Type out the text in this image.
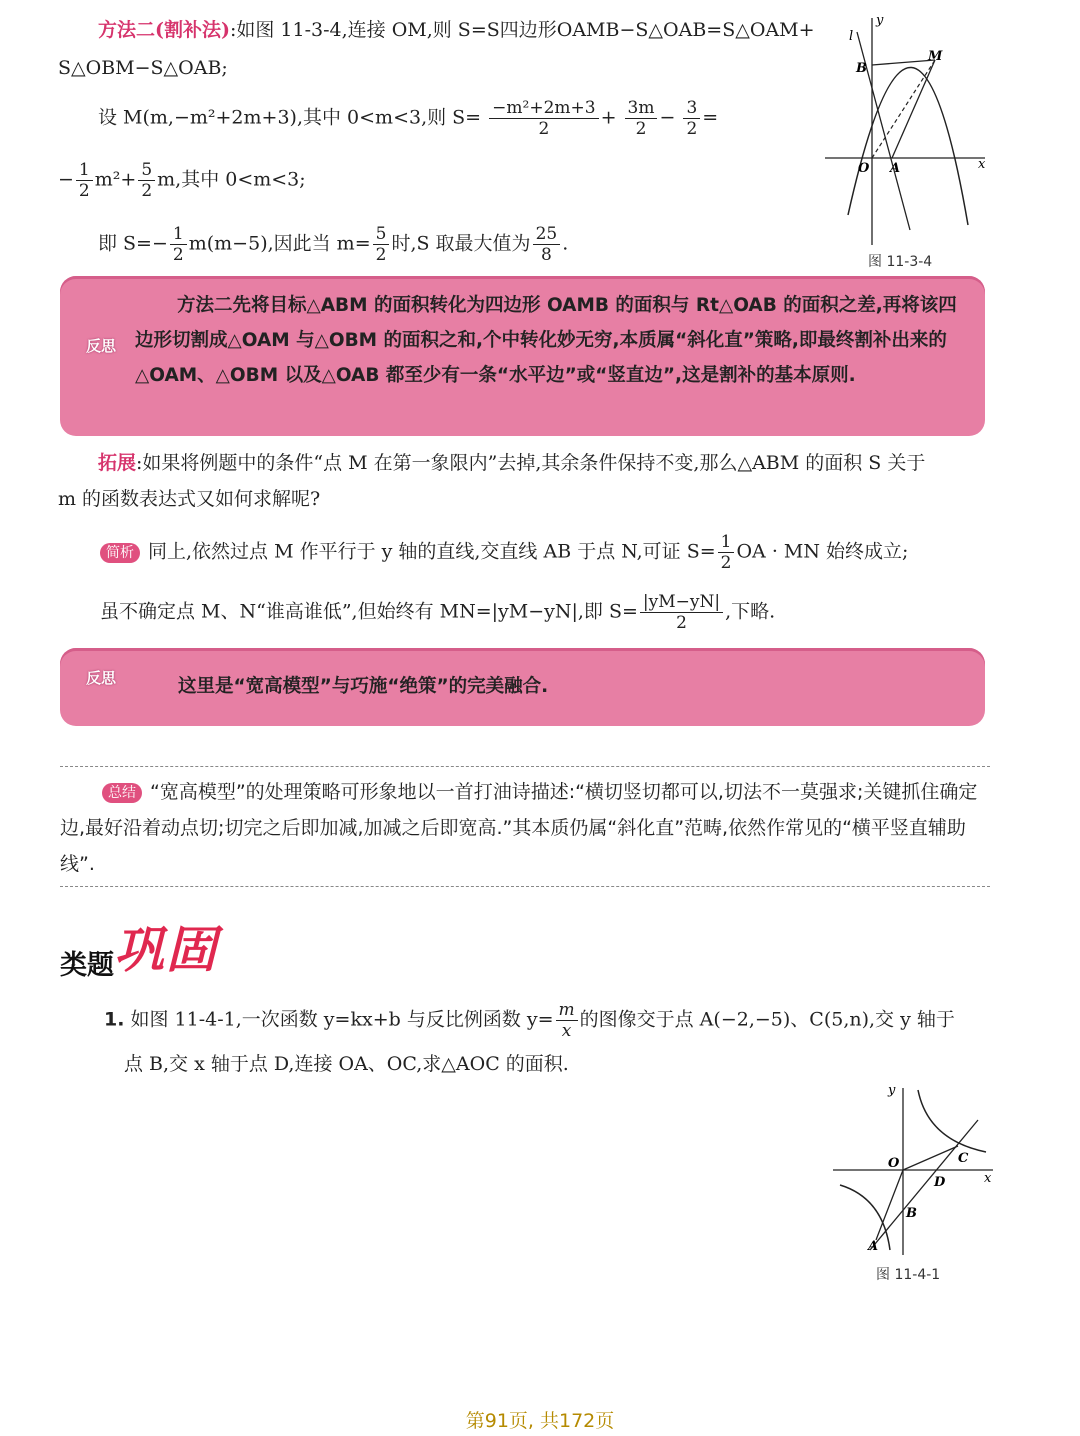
方法二(割补法):如图 11-3-4,连接 OM,则 S=S四边形OAMB−S△OAB=S△OAM+
S△OBM−S△OAB;
设 M(m,−m²+2m+3),其中 0<m<3,则 $S= \frac{\text{−m²+2m+3}}{2} + \frac{3m}{2} - \frac{3}{2}$ =
− $\frac{1}{2} m^2+ \frac{5}{2} m$,其中 0<m<3;
即 $S=- \frac{1}{2} m(m-5)$,因此当 $m= \frac{5}{2}$ 时,S 取最大值为 $\frac{25}{8}$ .
l
y
B
M
O A	x
图 11-3-4
反思
方法二先将目标△ABM 的面积转化为四边形 OAMB 的面积与 Rt△OAB 的面积之差,再将该四边形切割成△OAM 与△OBM 的面积之和,个中转化妙无穷,本质属“斜化直”策略,即最终割补出来的△OAM、△OBM 以及△OAB 都至少有一条“水平边”或“竖直边”,这是割补的基本原则.
拓展:如果将例题中的条件“点 M 在第一象限内”去掉,其余条件保持不变,那么△ABM 的面积 S 关于
m 的函数表达式又如何求解呢?
简析 同上,依然过点 M 作平行于 y 轴的直线,交直线 AB 于点 N,可证 $S= \frac{1}{2}$ OA · MN 始终成立;
虽不确定点 M、N“谁高谁低”,但始终有 MN=|yM−yN|,即 $S= \frac{|yM-yN|}{2}$ ,下略.
反思	这里是“宽高模型”与巧施“绝策”的完美融合.
总结 “宽高模型”的处理策略可形象地以一首打油诗描述:“横切竖切都可以,切法不一莫强求;关键抓住确定边,最好沿着动点切;切完之后即加减,加减之后即宽高.”其本质仍属“斜化直”范畴,依然作常见的“横平竖直辅助线”.
类题巩固
1. 如图 11-4-1,一次函数 y=kx+b 与反比例函数 $y= \frac{m}{x}$ 的图像交于点 A(−2,−5)、C(5,n),交 y 轴于
点 B,交 x 轴于点 D,连接 OA、OC,求△AOC 的面积.
y
O	C
D	x
B
A
图 11-4-1
第91页, 共172页
